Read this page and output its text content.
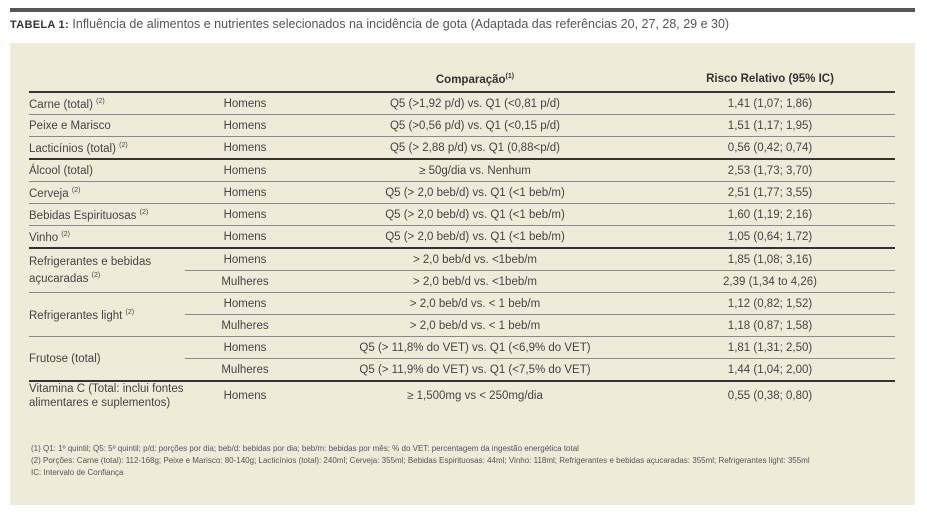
TABELA 1: Influência de alimentos e nutrientes selecionados na incidência de gota (Adaptada das referências 20, 27, 28, 29 e 30)
		Comparação$^{(1)}$	Risco Relativo (95% IC)
Carne (total) $^{(2)}$	Homens	Q5 (>1,92 p/d) vs. Q1 (<0,81 p/d)	1,41 (1,07; 1,86)
Peixe e Marisco	Homens	Q5 (>0,56 p/d) vs. Q1 (<0,15 p/d)	1,51 (1,17; 1,95)
Lacticínios (total) $^{(2)}$	Homens	Q5 (> 2,88 p/d) vs. Q1 (0,88<p/d)	0,56 (0,42; 0,74)
Álcool (total)	Homens	≥ 50g/dia vs. Nenhum	2,53 (1,73; 3,70)
Cerveja $^{(2)}$	Homens	Q5 (> 2,0 beb/d) vs. Q1 (<1 beb/m)	2,51 (1,77; 3,55)
Bebidas Espirituosas $^{(2)}$	Homens	Q5 (> 2,0 beb/d) vs. Q1 (<1 beb/m)	1,60 (1,19; 2,16)
Vinho $^{(2)}$	Homens	Q5 (> 2,0 beb/d) vs. Q1 (<1 beb/m)	1,05 (0,64; 1,72)
Refrigerantes e bebidas açucaradas $^{(2)}$	Homens	> 2,0 beb/d vs. <1beb/m	1,85 (1,08; 3,16)
	Mulheres	> 2,0 beb/d vs. <1beb/m	2,39 (1,34 to 4,26)
Refrigerantes light $^{(2)}$	Homens	> 2,0 beb/d vs. < 1 beb/m	1,12 (0,82; 1,52)
	Mulheres	> 2,0 beb/d vs. < 1 beb/m	1,18 (0,87; 1,58)
Frutose (total)	Homens	Q5 (> 11,8% do VET) vs. Q1 (<6,9% do VET)	1,81 (1,31; 2,50)
	Mulheres	Q5 (> 11,9% do VET) vs. Q1 (<7,5% do VET)	1,44 (1,04; 2,00)
Vitamina C (Total: inclui fontes alimentares e suplementos)	Homens	≥ 1,500mg vs < 250mg/dia	0,55 (0,38; 0,80)
(1) Q1: 1º quintil; Q5: 5º quintil; p/d: porções por dia; beb/d: bebidas por dia; beb/m: bebidas por mês; % do VET: percentagem da ingestão energética total
(2) Porções: Carne (total): 112-168g; Peixe e Marisco: 80-140g; Lacticínios (total): 240ml; Cerveja: 355ml; Bebidas Espirituosas: 44ml; Vinho: 118ml; Refrigerantes e bebidas açucaradas: 355ml; Refrigerantes light: 355ml
IC: Intervalo de Confiança
